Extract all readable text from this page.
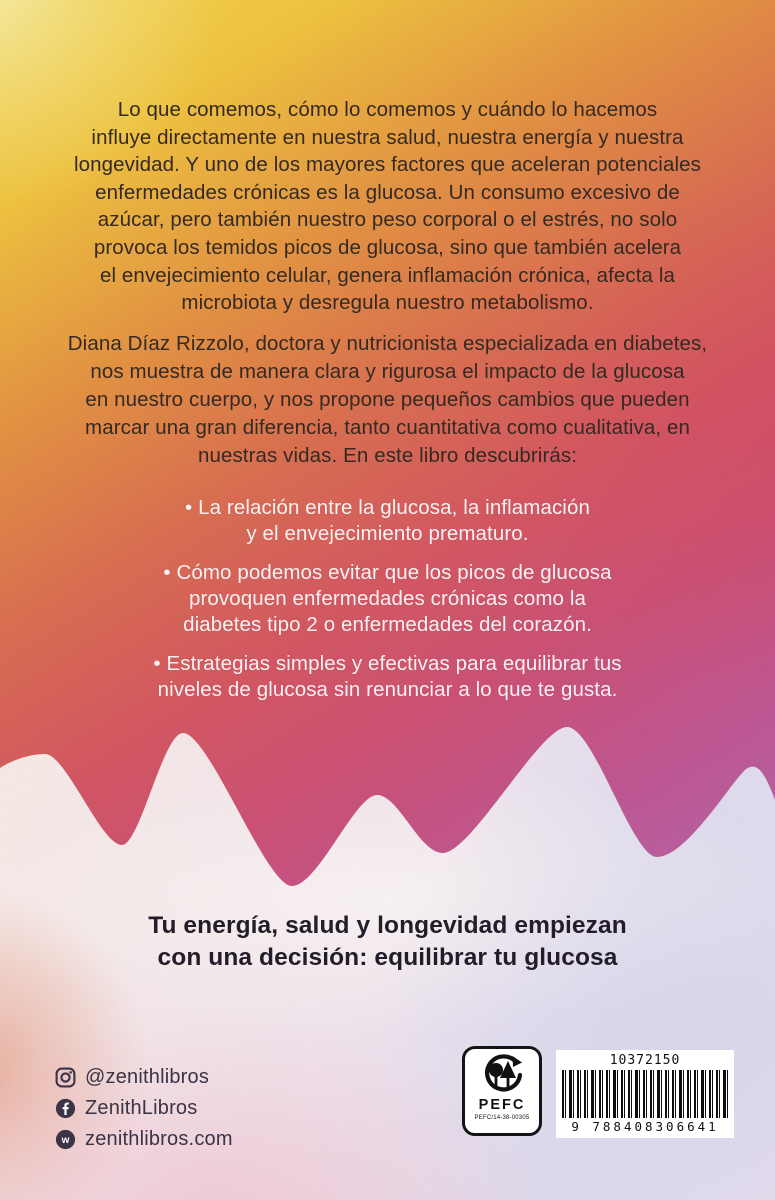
Lo que comemos, cómo lo comemos y cuándo lo hacemos
influye directamente en nuestra salud, nuestra energía y nuestra
longevidad. Y uno de los mayores factores que aceleran potenciales
enfermedades crónicas es la glucosa. Un consumo excesivo de
azúcar, pero también nuestro peso corporal o el estrés, no solo
provoca los temidos picos de glucosa, sino que también acelera
el envejecimiento celular, genera inflamación crónica, afecta la
microbiota y desregula nuestro metabolismo.

Diana Díaz Rizzolo, doctora y nutricionista especializada en diabetes,
nos muestra de manera clara y rigurosa el impacto de la glucosa
en nuestro cuerpo, y nos propone pequeños cambios que pueden
marcar una gran diferencia, tanto cuantitativa como cualitativa, en
nuestras vidas. En este libro descubrirás:

• La relación entre la glucosa, la inflamación
y el envejecimiento prematuro.
• Cómo podemos evitar que los picos de glucosa
provoquen enfermedades crónicas como la
diabetes tipo 2 o enfermedades del corazón.
• Estrategias simples y efectivas para equilibrar tus
niveles de glucosa sin renunciar a lo que te gusta.
Tu energía, salud y longevidad empiezan
con una decisión: equilibrar tu glucosa
@zenithlibros
ZenithLibros
w zenithlibros.com
PEFC
PEFC/14-38-00305
10372150
9 788408306641
